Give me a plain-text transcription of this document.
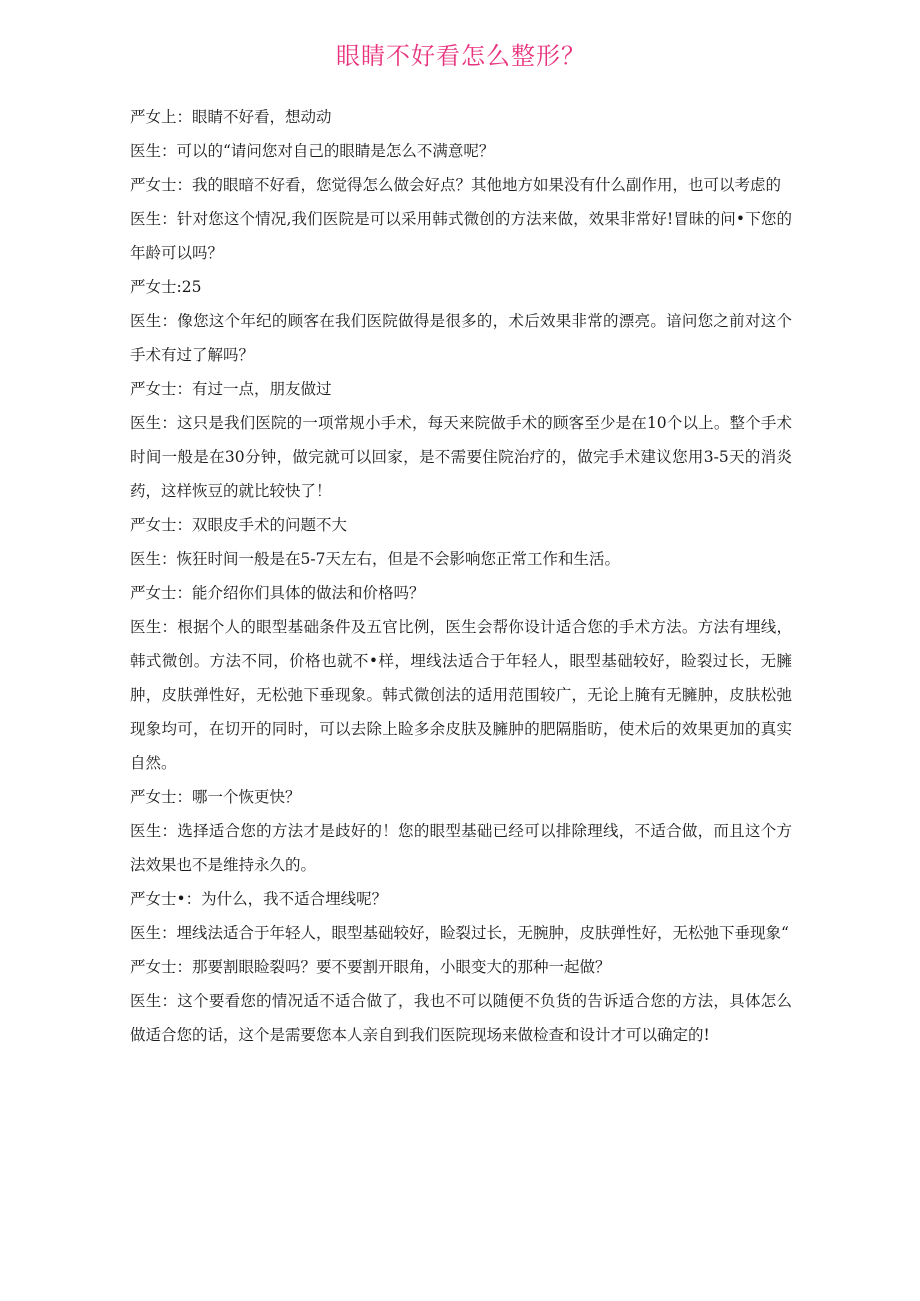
眼睛不好看怎么整形？

严女上：眼睛不好看，想动动

医生：可以的“请问您对自己的眼睛是怎么不满意呢？

严女士：我的眼暗不好看，您觉得怎么做会好点？其他地方如果没有什么副作用，也可以考虑的

医生：针对您这个情况,我们医院是可以采用韩式微创的方法来做，效果非常好!冒昧的问•下您的年龄可以吗？

严女士:25

医生：像您这个年纪的顾客在我们医院做得是很多的，术后效果非常的漂亮。谙问您之前对这个手术有过了解吗？

严女士：有过一点，朋友做过

医生：这只是我们医院的一项常规小手术，每天来院做手术的顾客至少是在10个以上。整个手术时间一般是在30分钟，做完就可以回家，是不需要住院治疗的，做完手术建议您用3-5天的消炎药，这样恢豆的就比较快了！

严女士：双眼皮手术的问题不大

医生：恢狂时间一般是在5-7天左右，但是不会影响您正常工作和生活。

严女士：能介绍你们具体的做法和价格吗？

医生：根据个人的眼型基础条件及五官比例，医生会帮你设计适合您的手术方法。方法有埋线，韩式微创。方法不同，价格也就不•样，埋线法适合于年轻人，眼型基础较好，睑裂过长，无臃肿，皮肤弹性好，无松弛下垂现象。韩式微创法的适用范围较广，无论上腌有无臃肿，皮肤松弛现象均可，在切开的同时，可以去除上睑多余皮肤及臃肿的肥隔脂昉，使术后的效果更加的真实自然。

严女士：哪一个恢更快？

医生：选择适合您的方法才是歧好的！您的眼型基础已经可以排除理线，不适合做，而且这个方法效果也不是维持永久的。

严女士•：为什么，我不适合埋线呢？

医生：埋线法适合于年轻人，眼型基础较好，睑裂过长，无腕肿，皮肤弹性好，无松弛下垂现象“

严女士：那要割眼睑裂吗？要不要割开眼角，小眼变大的那种一起做？

医生：这个要看您的情况适不适合做了，我也不可以随便不负货的告诉适合您的方法，具体怎么做适合您的话，这个是需要您本人亲自到我们医院现场来做检查和设计才可以确定的!
